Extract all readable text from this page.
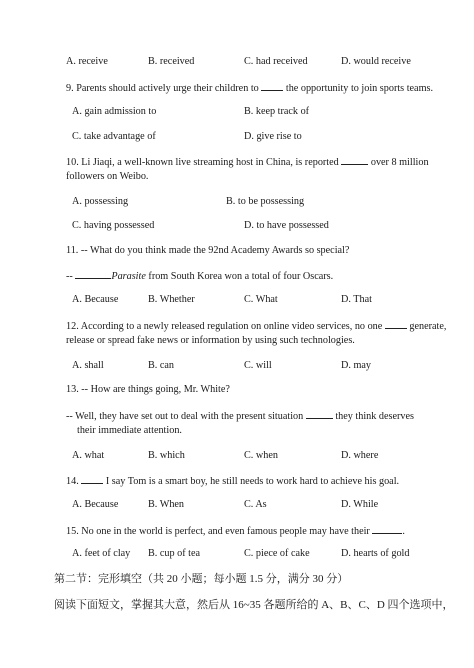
A. receive	B. received	C. had received	D. would receive
9. Parents should actively urge their children to	the opportunity to join sports teams.
A. gain admission to	B. keep track of
C. take advantage of	D. give rise to
10. Li Jiaqi, a well-known live streaming host in China, is reported	over 8 million
followers on Weibo.
A. possessing	B. to be possessing
C. having possessed	D. to have possessed
11. -- What do you think made the 92nd Academy Awards so special?
--	Parasite from South Korea won a total of four Oscars.
A. Because	B. Whether	C. What	D. That
12. According to a newly released regulation on online video services, no one	generate,
release or spread fake news or information by using such technologies.
A. shall	B. can	C. will	D. may
13. -- How are things going, Mr. White?
-- Well, they have set out to deal with the present situation	they think deserves
their immediate attention.
A. what	B. which	C. when	D. where
14.	I say Tom is a smart boy, he still needs to work hard to achieve his goal.
A. Because	B. When	C. As	D. While
15. No one in the world is perfect, and even famous people may have their	.
A. feet of clay B. cup of tea	C. piece of cake	D. hearts of gold
第二节：完形填空（共 20 小题；每小题 1.5 分，满分 30 分）
阅读下面短文，掌握其大意，然后从 16~35 各题所给的 A、B、C、D 四个选项中，
